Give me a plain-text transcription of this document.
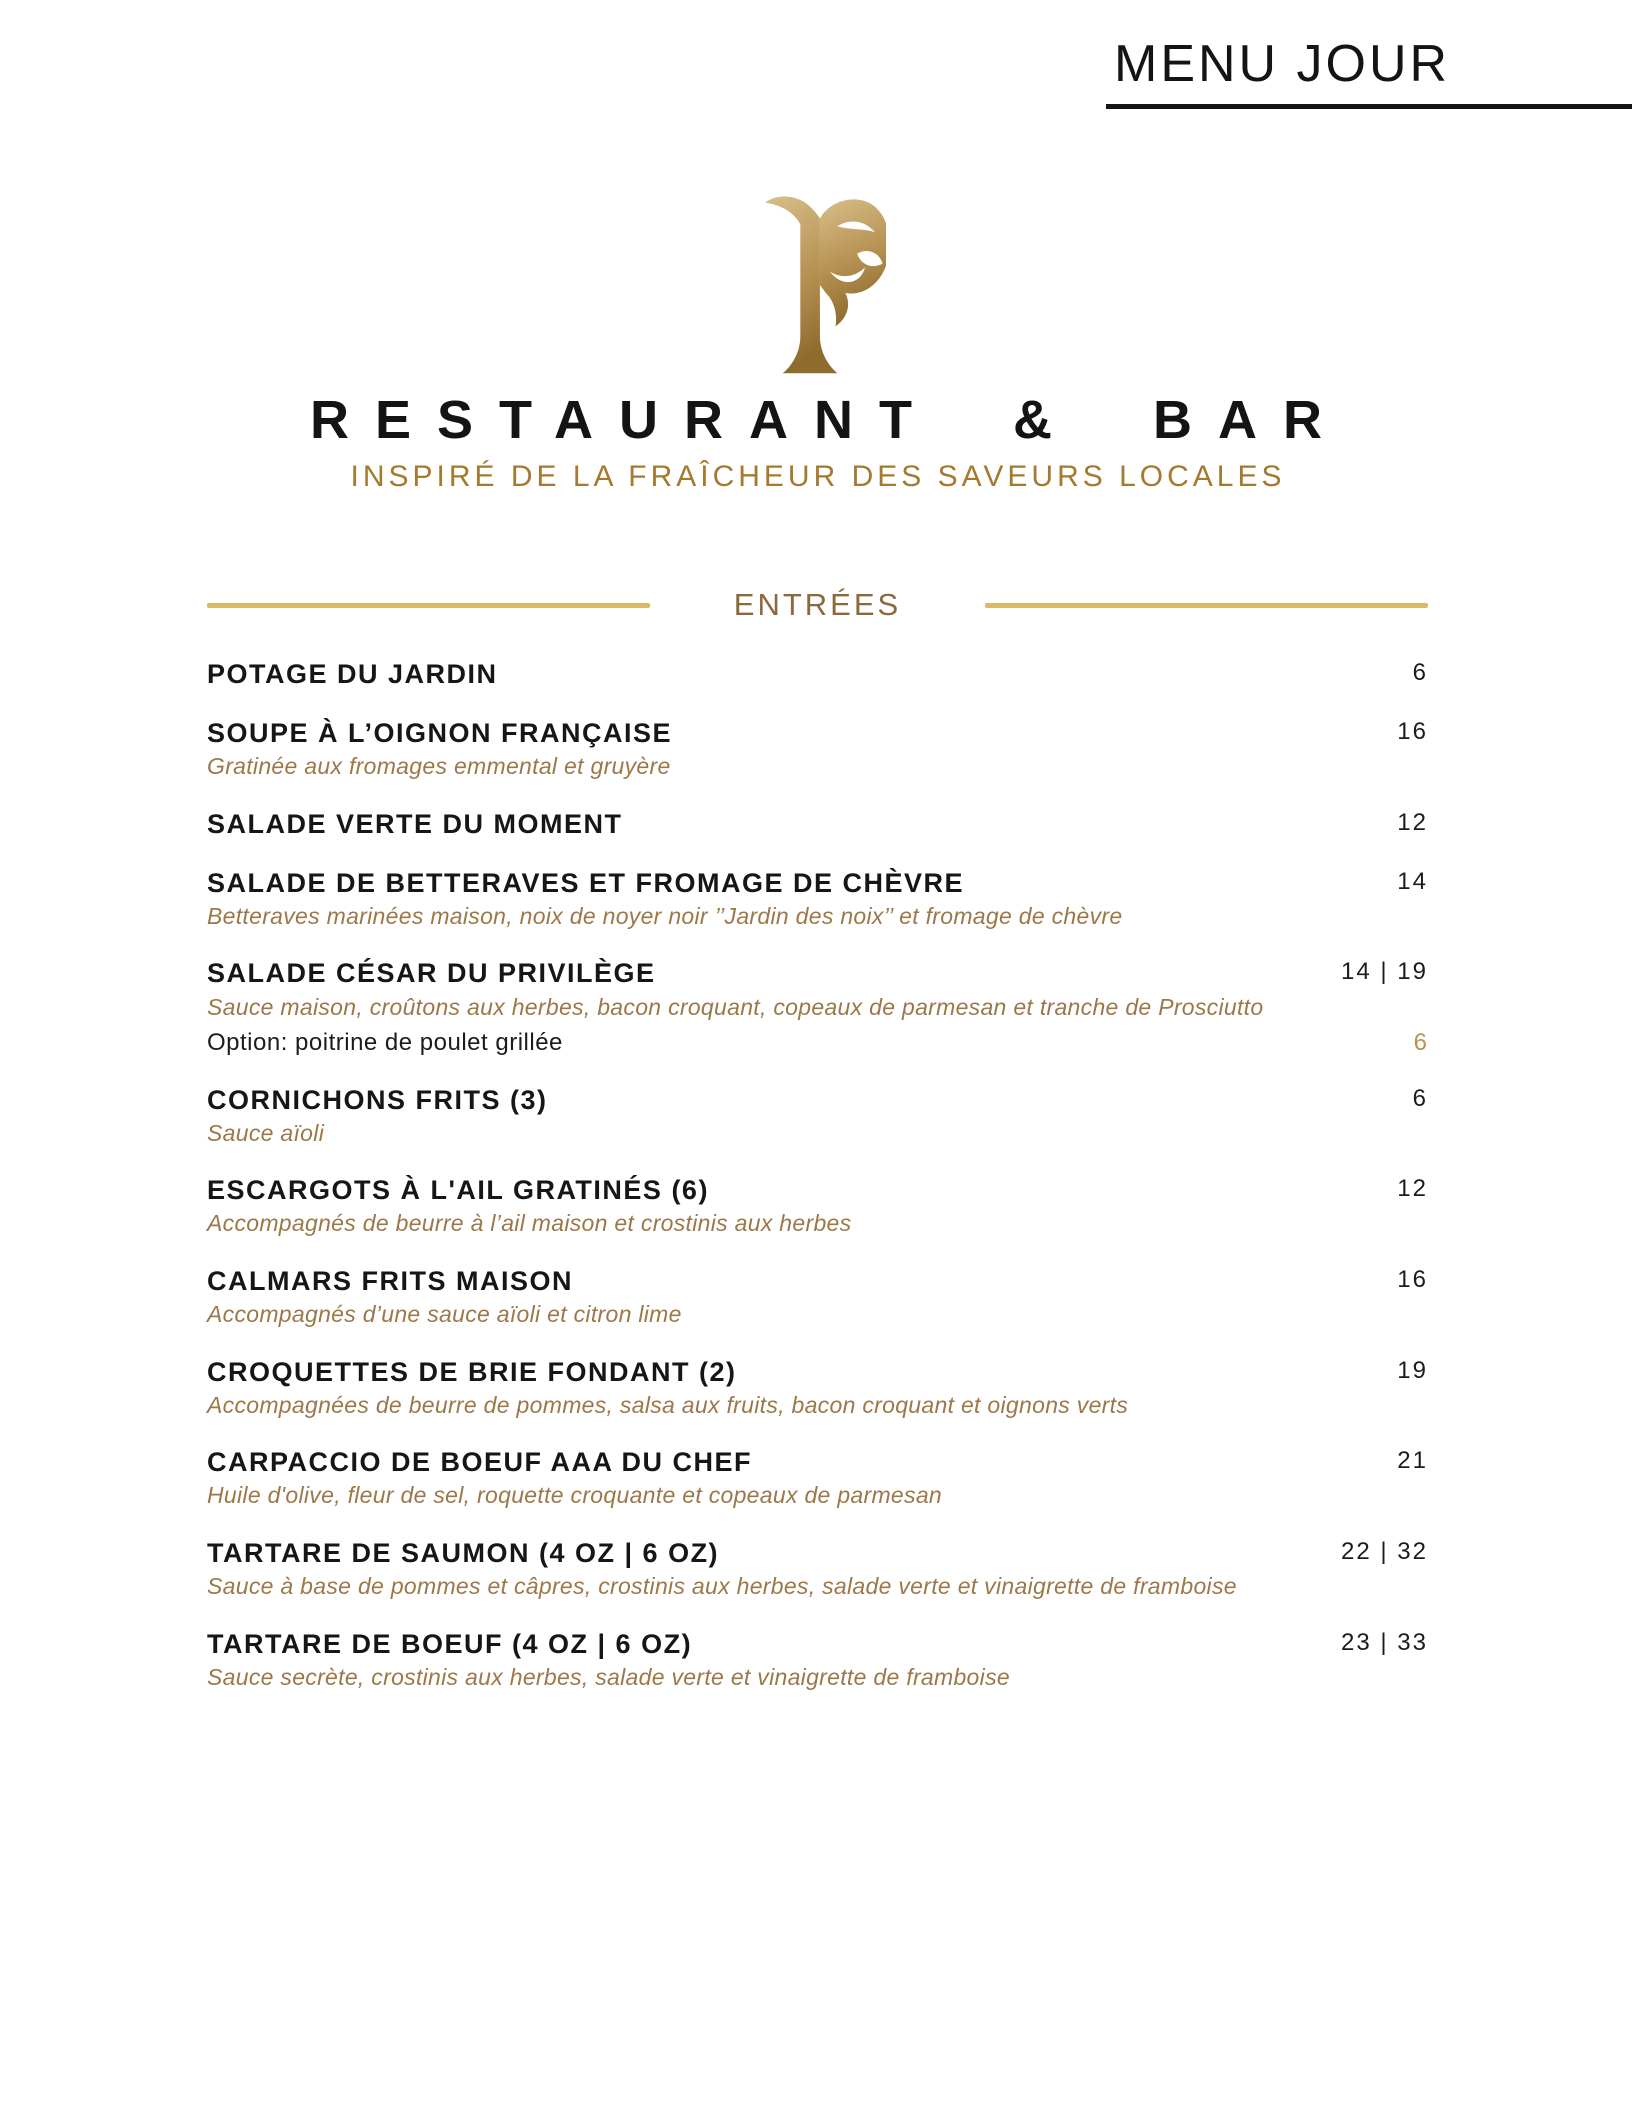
MENU JOUR
RESTAURANT & BAR
INSPIRÉ DE LA FRAÎCHEUR DES SAVEURS LOCALES
ENTRÉES
POTAGE DU JARDIN	6
SOUPE À L’OIGNON FRANÇAISE	16

Gratinée aux fromages emmental et gruyère

SALADE VERTE DU MOMENT	12
SALADE DE BETTERAVES ET FROMAGE DE CHÈVRE	14

Betteraves marinées maison, noix de noyer noir ’’Jardin des noix’’ et fromage de chèvre

SALADE CÉSAR DU PRIVILÈGE	14 | 19

Sauce maison, croûtons aux herbes, bacon croquant, copeaux de parmesan et tranche de Prosciutto

Option: poitrine de poulet grillée	6
CORNICHONS FRITS (3)	6

Sauce aïoli

ESCARGOTS À L'AIL GRATINÉS (6)	12

Accompagnés de beurre à l’ail maison et crostinis aux herbes

CALMARS FRITS MAISON	16

Accompagnés d’une sauce aïoli et citron lime

CROQUETTES DE BRIE FONDANT (2)	19

Accompagnées de beurre de pommes, salsa aux fruits, bacon croquant et oignons verts

CARPACCIO DE BOEUF AAA DU CHEF	21

Huile d'olive, fleur de sel, roquette croquante et copeaux de parmesan

TARTARE DE SAUMON (4 OZ | 6 OZ)	22 | 32

Sauce à base de pommes et câpres, crostinis aux herbes, salade verte et vinaigrette de framboise

TARTARE DE BOEUF (4 OZ | 6 OZ)	23 | 33

Sauce secrète, crostinis aux herbes, salade verte et vinaigrette de framboise
